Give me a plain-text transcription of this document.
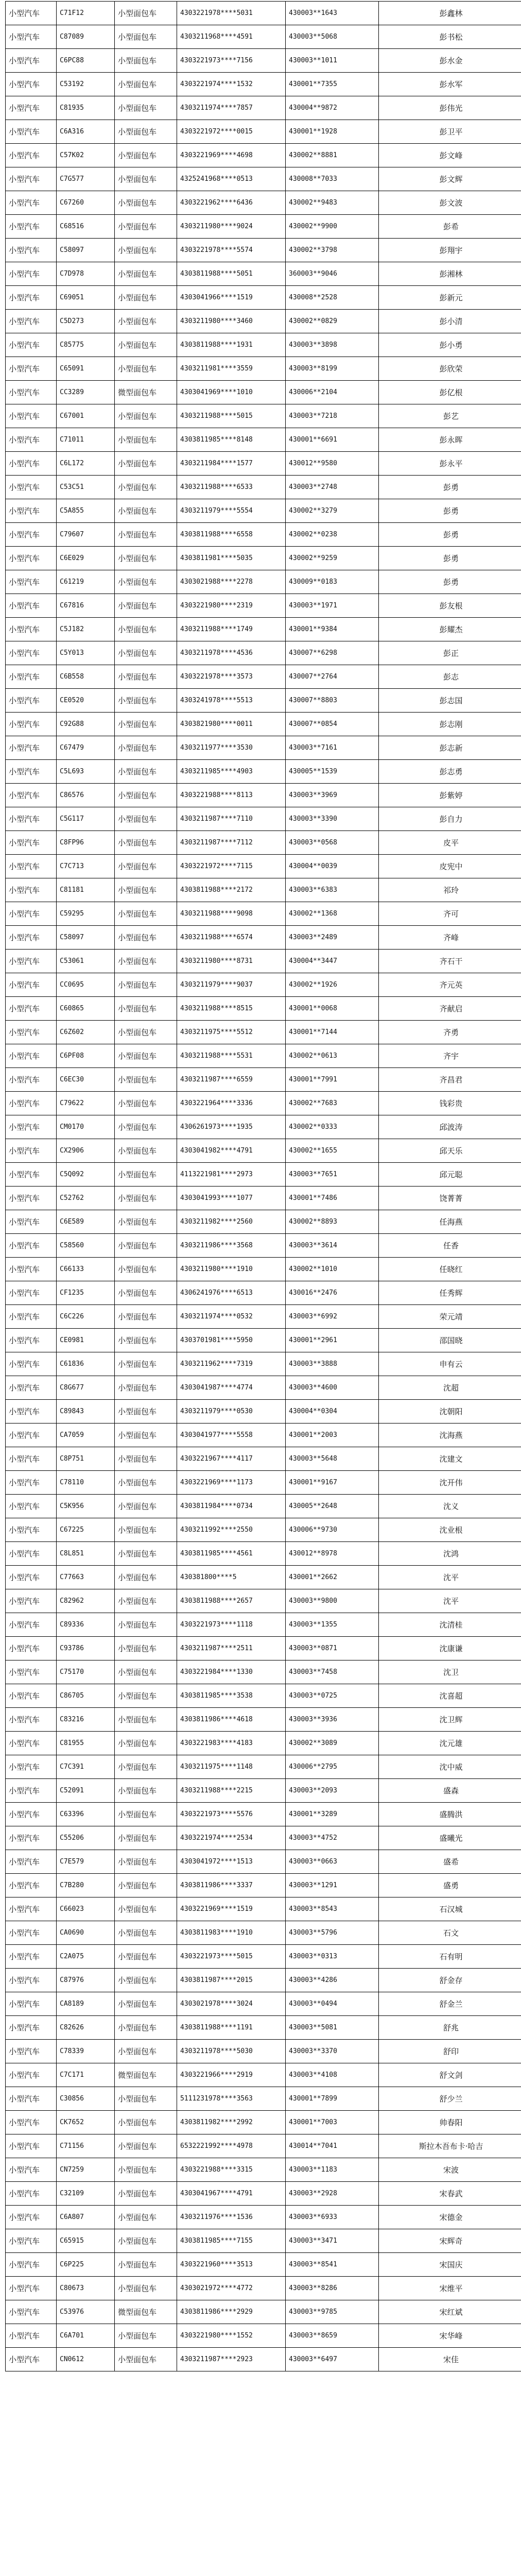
小型汽车	C71F12	小型面包车	4303221978****5031	430003**1643	彭鑫林
小型汽车	C87089	小型面包车	4303211968****4591	430003**5068	彭书松
小型汽车	C6PC88	小型面包车	4303221973****7156	430003**1011	彭水金
小型汽车	C53192	小型面包车	4303221974****1532	430001**7355	彭水军
小型汽车	C81935	小型面包车	4303211974****7857	430004**9872	彭伟光
小型汽车	C6A316	小型面包车	4303221972****0015	430001**1928	彭卫平
小型汽车	C57K02	小型面包车	4303221969****4698	430002**8881	彭文峰
小型汽车	C7G577	小型面包车	4325241968****0513	430008**7033	彭文辉
小型汽车	C67260	小型面包车	4303221962****6436	430002**9483	彭文波
小型汽车	C68516	小型面包车	4303211980****9024	430002**9900	彭希
小型汽车	C58097	小型面包车	4303221978****5574	430002**3798	彭翔宇
小型汽车	C7D978	小型面包车	4303811988****5051	360003**9046	彭湘林
小型汽车	C69051	小型面包车	4303041966****1519	430008**2528	彭新元
小型汽车	C5D273	小型面包车	4303211980****3460	430002**0829	彭小清
小型汽车	C85775	小型面包车	4303811988****1931	430003**3898	彭小勇
小型汽车	C65091	小型面包车	4303211981****3559	430003**8199	彭欣荣
小型汽车	CC3289	微型面包车	4303041969****1010	430006**2104	彭亿根
小型汽车	C67001	小型面包车	4303211988****5015	430003**7218	彭艺
小型汽车	C71011	小型面包车	4303811985****8148	430001**6691	彭永晖
小型汽车	C6L172	小型面包车	4303211984****1577	430012**9580	彭永平
小型汽车	C53C51	小型面包车	4303211988****6533	430003**2748	彭勇
小型汽车	C5A855	小型面包车	4303211979****5554	430002**3279	彭勇
小型汽车	C79607	小型面包车	4303811988****6558	430002**0238	彭勇
小型汽车	C6E029	小型面包车	4303811981****5035	430002**9259	彭勇
小型汽车	C61219	小型面包车	4303021988****2278	430009**0183	彭勇
小型汽车	C67816	小型面包车	4303221980****2319	430003**1971	彭友根
小型汽车	C5J182	小型面包车	4303211988****1749	430001**9384	彭耀杰
小型汽车	C5Y013	小型面包车	4303211978****4536	430007**6298	彭正
小型汽车	C6B558	小型面包车	4303221978****3573	430007**2764	彭志
小型汽车	CE0520	小型面包车	4303241978****5513	430007**8803	彭志国
小型汽车	C92G88	小型面包车	4303821980****0011	430007**0854	彭志刚
小型汽车	C67479	小型面包车	4303211977****3530	430003**7161	彭志新
小型汽车	C5L693	小型面包车	4303211985****4903	430005**1539	彭志勇
小型汽车	C86576	小型面包车	4303221988****8113	430003**3969	彭紫婷
小型汽车	C5G117	小型面包车	4303211987****7110	430003**3390	彭自力
小型汽车	C8FP96	小型面包车	4303211987****7112	430003**0568	皮平
小型汽车	C7C713	小型面包车	4303221972****7115	430004**0039	皮宪中
小型汽车	C81181	小型面包车	4303811988****2172	430003**6383	祁玲
小型汽车	C59295	小型面包车	4303211988****9098	430002**1368	齐可
小型汽车	C58097	小型面包车	4303211988****6574	430003**2489	齐峰
小型汽车	C53061	小型面包车	4303211980****8731	430004**3447	齐石干
小型汽车	CC0695	小型面包车	4303211979****9037	430002**1926	齐元英
小型汽车	C60865	小型面包车	4303211988****8515	430001**0068	齐献启
小型汽车	C6Z602	小型面包车	4303211975****5512	430001**7144	齐勇
小型汽车	C6PF08	小型面包车	4303211988****5531	430002**0613	齐宇
小型汽车	C6EC30	小型面包车	4303211987****6559	430001**7991	齐昌君
小型汽车	C79622	小型面包车	4303221964****3336	430002**7683	钱彩贵
小型汽车	CM0170	小型面包车	4306261973****1935	430002**0333	邱波涛
小型汽车	CX2906	小型面包车	4303041982****4791	430002**1655	邱天乐
小型汽车	C5Q092	小型面包车	4113221981****2973	430003**7651	邱元聪
小型汽车	C52762	小型面包车	4303041993****1077	430001**7486	饶菁菁
小型汽车	C6E589	小型面包车	4303211982****2560	430002**8893	任海燕
小型汽车	C58560	小型面包车	4303211986****3568	430003**3614	任香
小型汽车	C66133	小型面包车	4303211980****1910	430002**1010	任晓红
小型汽车	CF1235	小型面包车	4306241976****6513	430016**2476	任秀辉
小型汽车	C6C226	小型面包车	4303211974****0532	430003**6992	荣元靖
小型汽车	CE0981	小型面包车	4303701981****5950	430001**2961	邵国晓
小型汽车	C61836	小型面包车	4303211962****7319	430003**3888	申有云
小型汽车	C8G677	小型面包车	4303041987****4774	430003**4600	沈超
小型汽车	C89843	小型面包车	4303211979****0530	430004**0304	沈朝阳
小型汽车	CA7059	小型面包车	4303041977****5558	430001**2003	沈海燕
小型汽车	C8P751	小型面包车	4303221967****4117	430003**5648	沈建文
小型汽车	C78110	小型面包车	4303221969****1173	430001**9167	沈开伟
小型汽车	C5K956	小型面包车	4303811984****0734	430005**2648	沈义
小型汽车	C67225	小型面包车	4303211992****2550	430006**9730	沈业根
小型汽车	C8L851	小型面包车	4303811985****4561	430012**8978	沈鸿
小型汽车	C77663	小型面包车	430381800****5	430001**2662	沈平
小型汽车	C82962	小型面包车	4303811988****2657	430003**9800	沈平
小型汽车	C89336	小型面包车	4303221973****1118	430003**1355	沈清桂
小型汽车	C93786	小型面包车	4303211987****2511	430003**0871	沈康谦
小型汽车	C75170	小型面包车	4303221984****1330	430003**7458	沈卫
小型汽车	C86705	小型面包车	4303811985****3538	430003**0725	沈喜超
小型汽车	C83216	小型面包车	4303811986****4618	430003**3936	沈卫辉
小型汽车	C81955	小型面包车	4303221983****4183	430002**3089	沈元雄
小型汽车	C7C391	小型面包车	4303211975****1148	430006**2795	沈中威
小型汽车	C52091	小型面包车	4303211988****2215	430003**2093	盛森
小型汽车	C63396	小型面包车	4303221973****5576	430001**3289	盛腾洪
小型汽车	C55206	小型面包车	4303221974****2534	430003**4752	盛曦光
小型汽车	C7E579	小型面包车	4303041972****1513	430003**0663	盛希
小型汽车	C7B280	小型面包车	4303811986****3337	430003**1291	盛勇
小型汽车	C66023	小型面包车	4303221969****1519	430003**8543	石汉城
小型汽车	CA0690	小型面包车	4303811983****1910	430003**5796	石文
小型汽车	C2A075	小型面包车	4303221973****5015	430003**0313	石有明
小型汽车	C87976	小型面包车	4303811987****2015	430003**4286	舒金存
小型汽车	CA8189	小型面包车	4303021978****3024	430003**0494	舒金兰
小型汽车	C82626	小型面包车	4303811988****1191	430003**5081	舒兆
小型汽车	C78339	小型面包车	4303211978****5030	430003**3370	舒印
小型汽车	C7C171	微型面包车	4303221966****2919	430003**4108	舒文剑
小型汽车	C30856	小型面包车	5111231978****3563	430001**7899	舒少兰
小型汽车	CK7652	小型面包车	4303811982****2992	430001**7003	帅春阳
小型汽车	C71156	小型面包车	6532221992****4978	430014**7041	斯拉木吾布卡·哈吉
小型汽车	CN7259	小型面包车	4303221988****3315	430003**1183	宋波
小型汽车	C32109	小型面包车	4303041967****4791	430003**2928	宋春武
小型汽车	C6A807	小型面包车	4303211976****1536	430003**6933	宋德金
小型汽车	C65915	小型面包车	4303811985****7155	430003**3471	宋辉奇
小型汽车	C6P225	小型面包车	4303221960****3513	430003**8541	宋国庆
小型汽车	C80673	小型面包车	4303021972****4772	430003**8286	宋维平
小型汽车	C53976	微型面包车	4303811986****2929	430003**9785	宋红斌
小型汽车	C6A701	小型面包车	4303221980****1552	430003**8659	宋华峰
小型汽车	CN0612	小型面包车	4303211987****2923	430003**6497	宋佳
